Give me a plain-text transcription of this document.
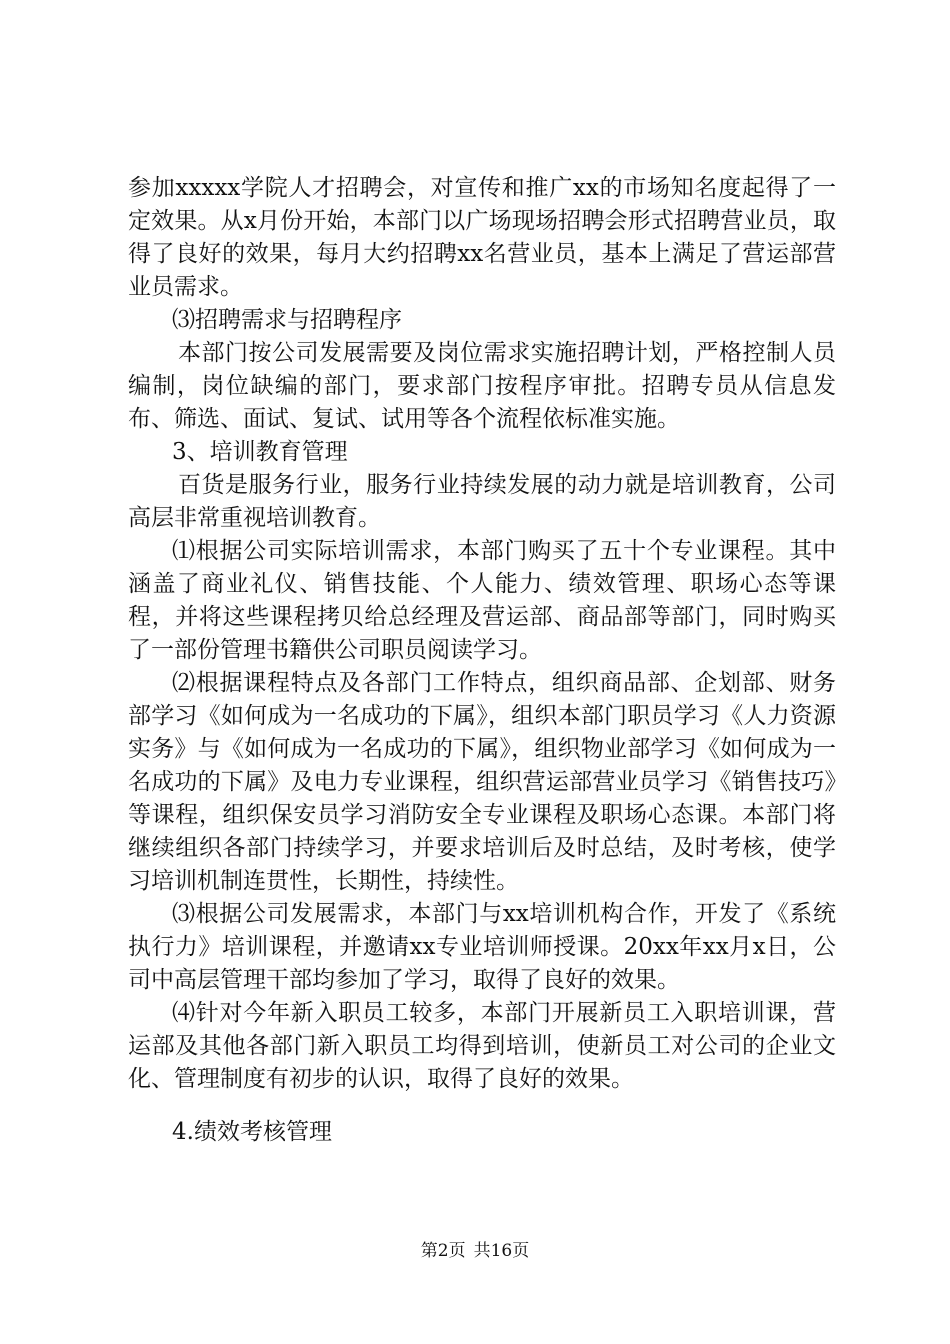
参加xxxxx学院人才招聘会，对宣传和推广xx的市场知名度起得了一定效果。从x月份开始，本部门以广场现场招聘会形式招聘营业员，取得了良好的效果，每月大约招聘xx名营业员，基本上满足了营运部营业员需求。

⑶招聘需求与招聘程序

本部门按公司发展需要及岗位需求实施招聘计划，严格控制人员编制，岗位缺编的部门，要求部门按程序审批。招聘专员从信息发布、筛选、面试、复试、试用等各个流程依标准实施。

3、培训教育管理

百货是服务行业，服务行业持续发展的动力就是培训教育，公司高层非常重视培训教育。

⑴根据公司实际培训需求，本部门购买了五十个专业课程。其中涵盖了商业礼仪、销售技能、个人能力、绩效管理、职场心态等课程，并将这些课程拷贝给总经理及营运部、商品部等部门，同时购买了一部份管理书籍供公司职员阅读学习。

⑵根据课程特点及各部门工作特点，组织商品部、企划部、财务部学习《如何成为一名成功的下属》，组织本部门职员学习《人力资源实务》与《如何成为一名成功的下属》，组织物业部学习《如何成为一名成功的下属》及电力专业课程，组织营运部营业员学习《销售技巧》等课程，组织保安员学习消防安全专业课程及职场心态课。本部门将继续组织各部门持续学习，并要求培训后及时总结，及时考核，使学习培训机制连贯性，长期性，持续性。

⑶根据公司发展需求，本部门与xx培训机构合作，开发了《系统执行力》培训课程，并邀请xx专业培训师授课。20xx年xx月x日，公司中高层管理干部均参加了学习，取得了良好的效果。

⑷针对今年新入职员工较多，本部门开展新员工入职培训课，营运部及其他各部门新入职员工均得到培训，使新员工对公司的企业文化、管理制度有初步的认识，取得了良好的效果。

4.绩效考核管理

第2页 共16页
